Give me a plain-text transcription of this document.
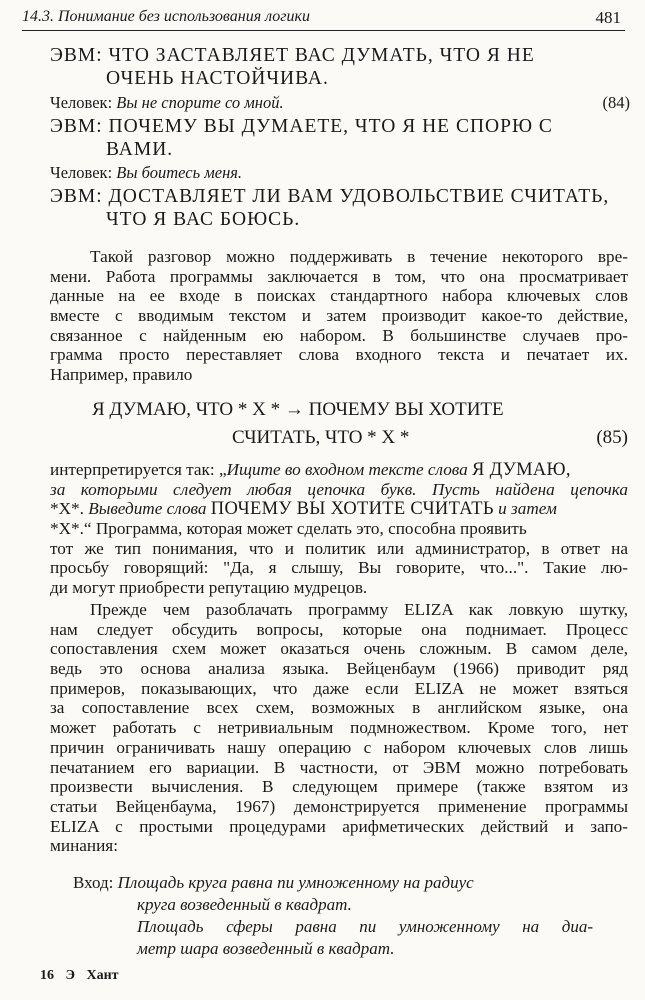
14.3. Понимание без использования логики	481
ЭВМ: ЧТО ЗАСТАВЛЯЕТ ВАС ДУМАТЬ, ЧТО Я НЕ
ОЧЕНЬ НАСТОЙЧИВА.
Человек: Вы не спорите со мной.	(84)
ЭВМ: ПОЧЕМУ ВЫ ДУМАЕТЕ, ЧТО Я НЕ СПОРЮ С
ВАМИ.
Человек: Вы боитесь меня.
ЭВМ: ДОСТАВЛЯЕТ ЛИ ВАМ УДОВОЛЬСТВИЕ СЧИТАТЬ,
ЧТО Я ВАС БОЮСЬ.
Такой разговор можно поддерживать в течение некоторого вре-
мени. Работа программы заключается в том, что она просматривает
данные на ее входе в поисках стандартного набора ключевых слов
вместе с вводимым текстом и затем производит какое-то действие,
связанное с найденным ею набором. В большинстве случаев про-
грамма просто переставляет слова входного текста и печатает их.
Например, правило
Я ДУМАЮ, ЧТО * X * → ПОЧЕМУ ВЫ ХОТИТЕ
СЧИТАТЬ, ЧТО * X *	(85)
интерпретируется так: „Ищите во входном тексте слова Я ДУМАЮ,
за которыми следует любая цепочка букв. Пусть найдена цепочка
*X*. Выведите слова ПОЧЕМУ ВЫ ХОТИТЕ СЧИТАТЬ и затем
*X*.“ Программа, которая может сделать это, способна проявить
тот же тип понимания, что и политик или администратор, в ответ на
просьбу говорящий: "Да, я слышу, Вы говорите, что...". Такие лю-
ди могут приобрести репутацию мудрецов.
Прежде чем разоблачать программу ELIZA как ловкую шутку,
нам следует обсудить вопросы, которые она поднимает. Процесс
сопоставления схем может оказаться очень сложным. В самом деле,
ведь это основа анализа языка. Вейценбаум (1966) приводит ряд
примеров, показывающих, что даже если ELIZA не может взяться
за сопоставление всех схем, возможных в английском языке, она
может работать с нетривиальным подмножеством. Кроме того, нет
причин ограничивать нашу операцию с набором ключевых слов лишь
печатанием его вариации. В частности, от ЭВМ можно потребовать
произвести вычисления. В следующем примере (также взятом из
статьи Вейценбаума, 1967) демонстрируется применение программы
ELIZA с простыми процедурами арифметических действий и запо-
минания:
Вход: Площадь круга равна пи умноженному на радиус
круга возведенный в квадрат.
Площадь сферы равна пи умноженному на диа-
метр шара возведенный в квадрат.
16 Э Хант
